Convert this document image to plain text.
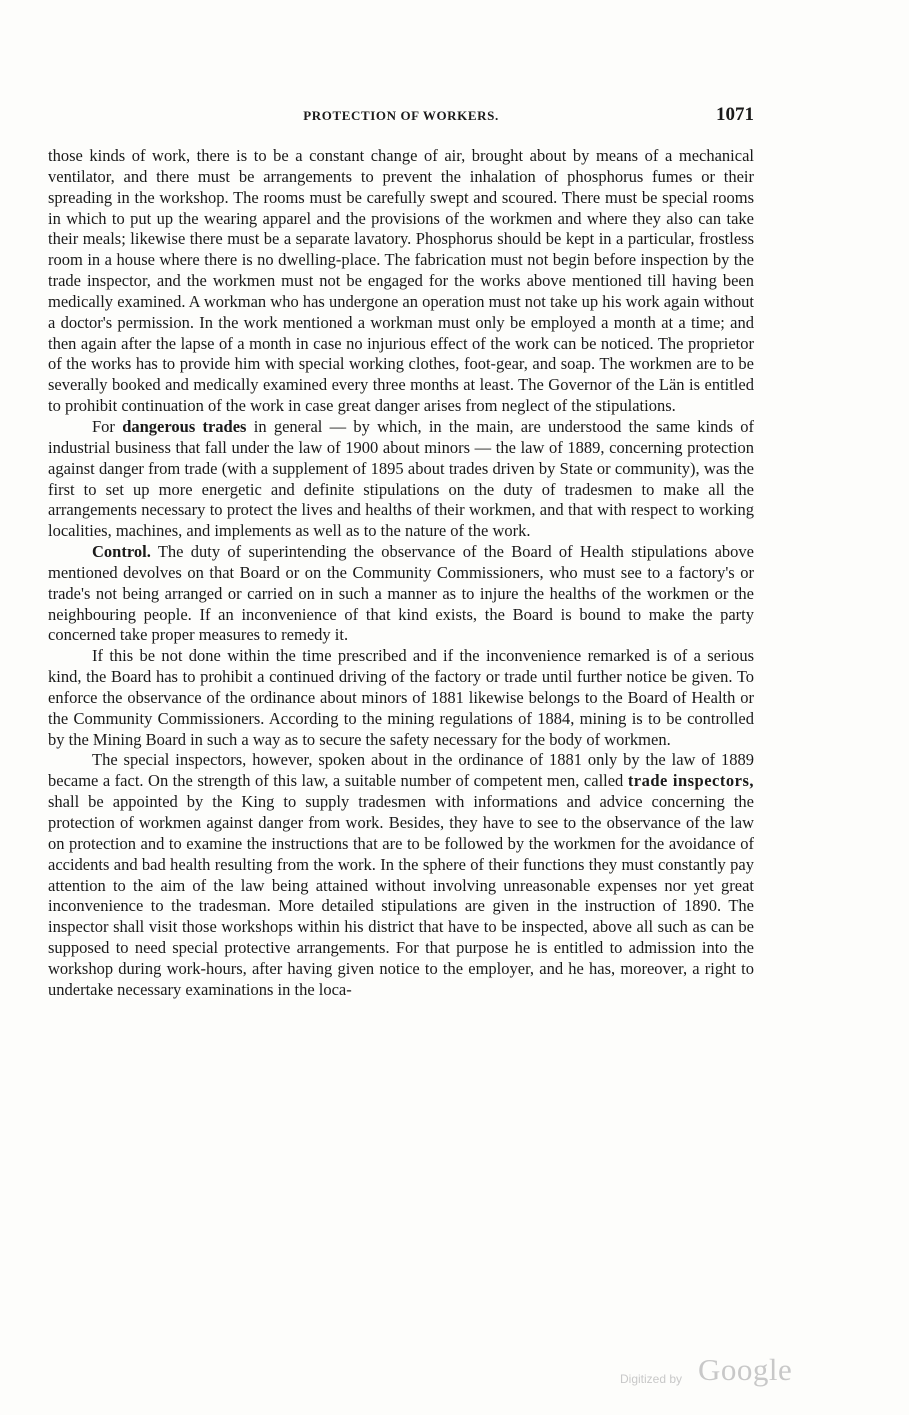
PROTECTION OF WORKERS.	1071

those kinds of work, there is to be a constant change of air, brought about by means of a mechanical ventilator, and there must be arrangements to prevent the inhalation of phosphorus fumes or their spreading in the workshop. The rooms must be carefully swept and scoured. There must be special rooms in which to put up the wearing apparel and the provisions of the workmen and where they also can take their meals; likewise there must be a separate lavatory. Phosphorus should be kept in a particular, frostless room in a house where there is no dwelling-place. The fabrication must not begin before inspection by the trade inspector, and the workmen must not be engaged for the works above mentioned till having been medically examined. A workman who has undergone an operation must not take up his work again without a doctor's permission. In the work mentioned a workman must only be employed a month at a time; and then again after the lapse of a month in case no injurious effect of the work can be noticed. The proprietor of the works has to provide him with special working clothes, foot-gear, and soap. The workmen are to be severally booked and medically examined every three months at least. The Governor of the Län is entitled to prohibit continuation of the work in case great danger arises from neglect of the stipulations.

For dangerous trades in general — by which, in the main, are understood the same kinds of industrial business that fall under the law of 1900 about minors — the law of 1889, concerning protection against danger from trade (with a supplement of 1895 about trades driven by State or community), was the first to set up more energetic and definite stipulations on the duty of tradesmen to make all the arrangements necessary to protect the lives and healths of their workmen, and that with respect to working localities, machines, and implements as well as to the nature of the work.

Control. The duty of superintending the observance of the Board of Health stipulations above mentioned devolves on that Board or on the Community Commissioners, who must see to a factory's or trade's not being arranged or carried on in such a manner as to injure the healths of the workmen or the neighbouring people. If an inconvenience of that kind exists, the Board is bound to make the party concerned take proper measures to remedy it.

If this be not done within the time prescribed and if the inconvenience remarked is of a serious kind, the Board has to prohibit a continued driving of the factory or trade until further notice be given. To enforce the observance of the ordinance about minors of 1881 likewise belongs to the Board of Health or the Community Commissioners. According to the mining regulations of 1884, mining is to be controlled by the Mining Board in such a way as to secure the safety necessary for the body of workmen.

The special inspectors, however, spoken about in the ordinance of 1881 only by the law of 1889 became a fact. On the strength of this law, a suitable number of competent men, called trade inspectors, shall be appointed by the King to supply tradesmen with informations and advice concerning the protection of workmen against danger from work. Besides, they have to see to the observance of the law on protection and to examine the instructions that are to be followed by the workmen for the avoidance of accidents and bad health resulting from the work. In the sphere of their functions they must constantly pay attention to the aim of the law being attained without involving unreasonable expenses nor yet great inconvenience to the tradesman. More detailed stipulations are given in the instruction of 1890. The inspector shall visit those workshops within his district that have to be inspected, above all such as can be supposed to need special protective arrangements. For that purpose he is entitled to admission into the workshop during work-hours, after having given notice to the employer, and he has, moreover, a right to undertake necessary examinations in the loca-

Digitized by Google
